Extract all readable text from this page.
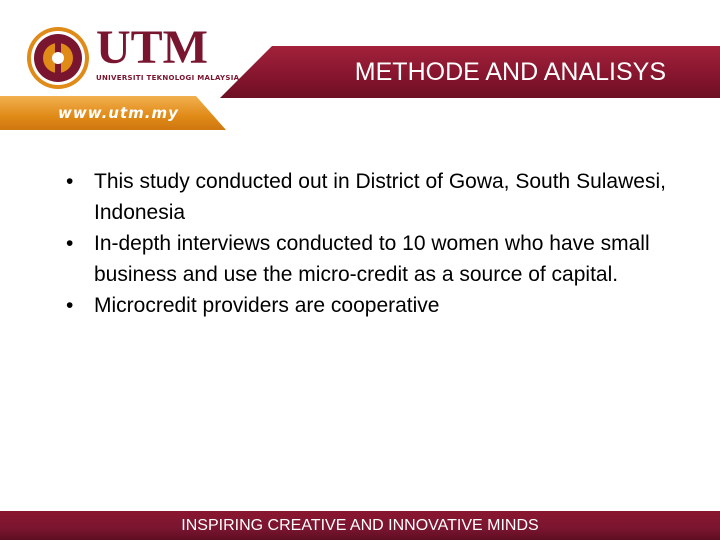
UTM
UNIVERSITI TEKNOLOGI MALAYSIA
www.utm.my
METHODE AND ANALISYS
• This study conducted out in District of Gowa, South Sulawesi, Indonesia
• In-depth interviews conducted to 10 women who have small business and use the micro-credit as a source of capital.
• Microcredit providers are cooperative
INSPIRING CREATIVE AND INNOVATIVE MINDS
